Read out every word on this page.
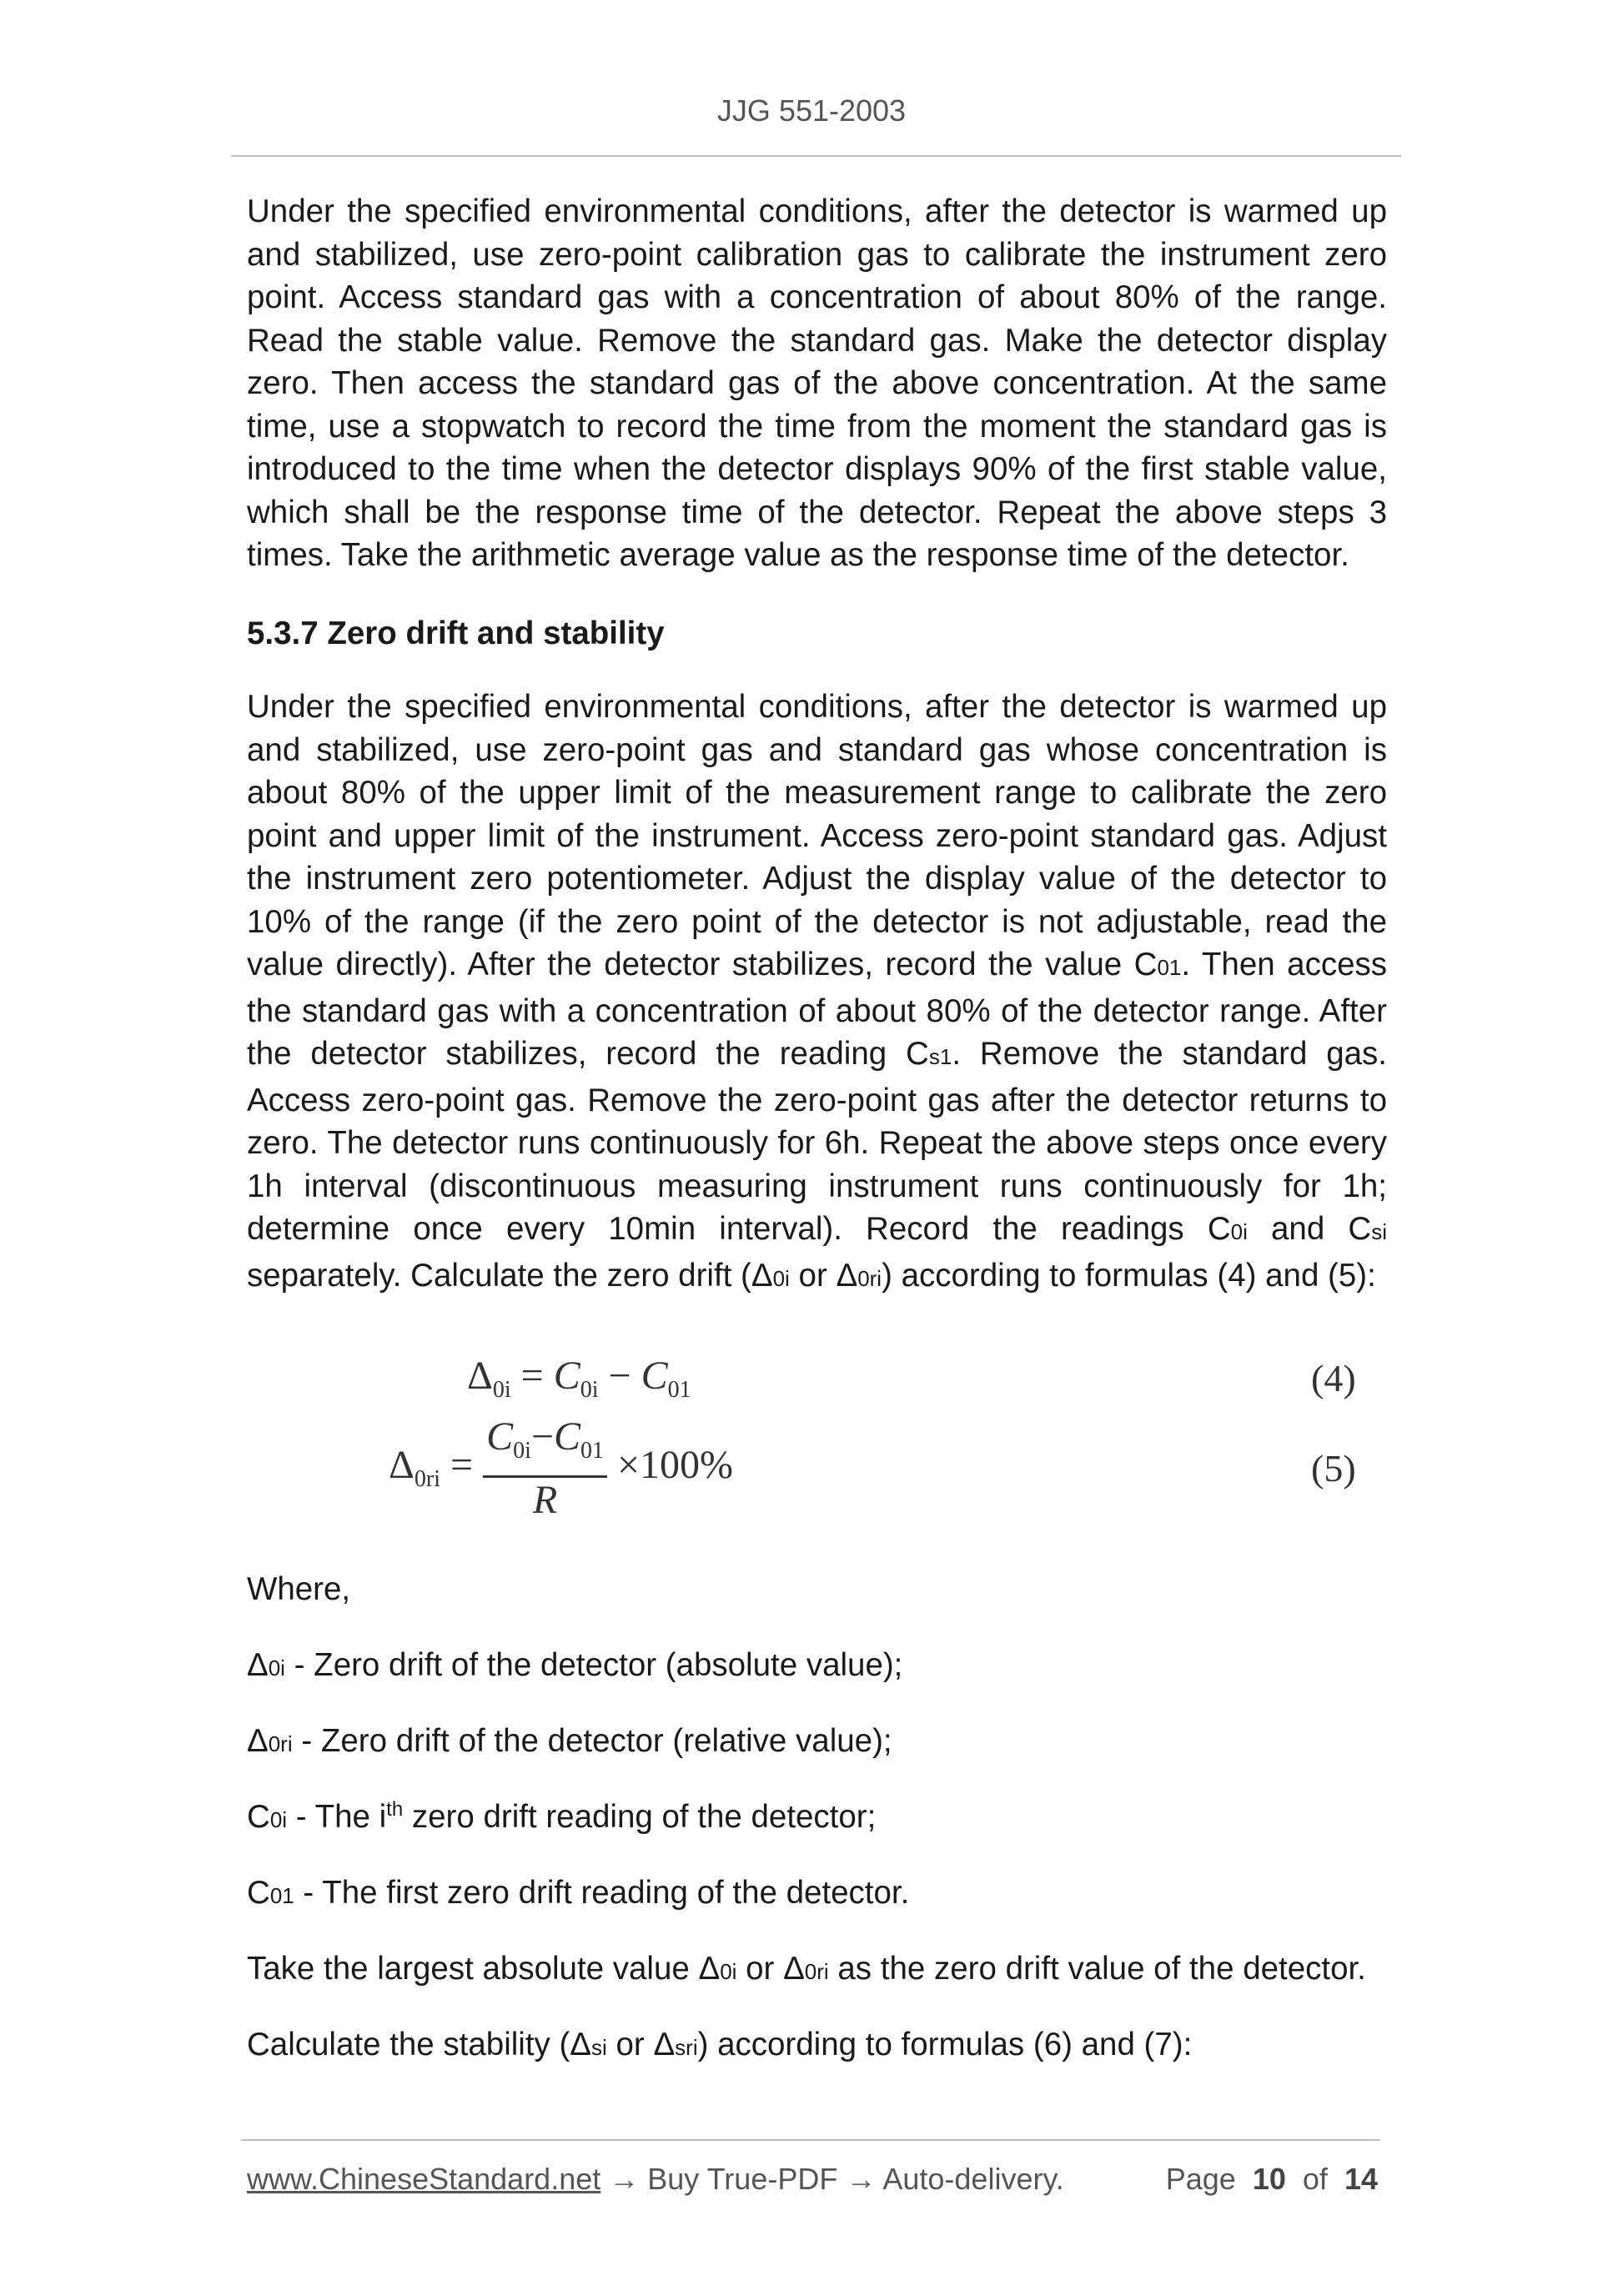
JJG 551-2003

Under the specified environmental conditions, after the detector is warmed up and stabilized, use zero-point calibration gas to calibrate the instrument zero point. Access standard gas with a concentration of about 80% of the range. Read the stable value. Remove the standard gas. Make the detector display zero. Then access the standard gas of the above concentration. At the same time, use a stopwatch to record the time from the moment the standard gas is introduced to the time when the detector displays 90% of the first stable value, which shall be the response time of the detector. Repeat the above steps 3 times. Take the arithmetic average value as the response time of the detector.

5.3.7 Zero drift and stability

Under the specified environmental conditions, after the detector is warmed up and stabilized, use zero-point gas and standard gas whose concentration is about 80% of the upper limit of the measurement range to calibrate the zero point and upper limit of the instrument. Access zero-point standard gas. Adjust the instrument zero potentiometer. Adjust the display value of the detector to 10% of the range (if the zero point of the detector is not adjustable, read the value directly). After the detector stabilizes, record the value C01. Then access the standard gas with a concentration of about 80% of the detector range. After the detector stabilizes, record the reading Cs1. Remove the standard gas. Access zero-point gas. Remove the zero-point gas after the detector returns to zero. The detector runs continuously for 6h. Repeat the above steps once every 1h interval (discontinuous measuring instrument runs continuously for 1h; determine once every 10min interval). Record the readings C0i and Csi separately. Calculate the zero drift (Δ0i or Δ0ri) according to formulas (4) and (5):

$\Delta_{0i} = C_{0i} - C_{01}$	(4)
$\Delta_{0ri} = \frac{C_{0i}-C_{01}}{R} \times 100\%$	(5)

Where,

Δ0i - Zero drift of the detector (absolute value);

Δ0ri - Zero drift of the detector (relative value);

C0i - The $i^{th}$ zero drift reading of the detector;

C01 - The first zero drift reading of the detector.

Take the largest absolute value Δ0i or Δ0ri as the zero drift value of the detector.

Calculate the stability (Δsi or Δsri) according to formulas (6) and (7):

www.ChineseStandard.net → Buy True-PDF → Auto-delivery.	Page 10 of 14
